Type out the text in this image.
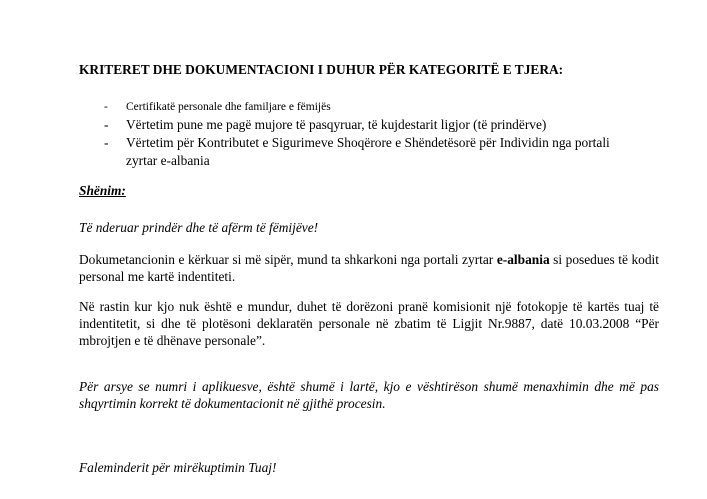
KRITERET DHE DOKUMENTACIONI I DUHUR PËR KATEGORITË E TJERA:
- Certifikatë personale dhe familjare e fëmijës
- Vërtetim pune me pagë mujore të pasqyruar, të kujdestarit ligjor (të prindërve)
- Vërtetim për Kontributet e Sigurimeve Shoqërore e Shëndetësorë për Individin nga portali zyrtar e-albania
Shënim:
Të nderuar prindër dhe të afërm të fëmijëve!
Dokumetancionin e kërkuar si më sipër, mund ta shkarkoni nga portali zyrtar e-albania si posedues të kodit personal me kartë indentiteti.
Në rastin kur kjo nuk është e mundur, duhet të dorëzoni pranë komisionit një fotokopje të kartës tuaj të indentitetit, si dhe të plotësoni deklaratën personale në zbatim të Ligjit Nr.9887, datë 10.03.2008 “Për mbrojtjen e të dhënave personale”.
Për arsye se numri i aplikuesve, është shumë i lartë, kjo e vështirëson shumë menaxhimin dhe më pas shqyrtimin korrekt të dokumentacionit në gjithë procesin.
Faleminderit për mirëkuptimin Tuaj!
